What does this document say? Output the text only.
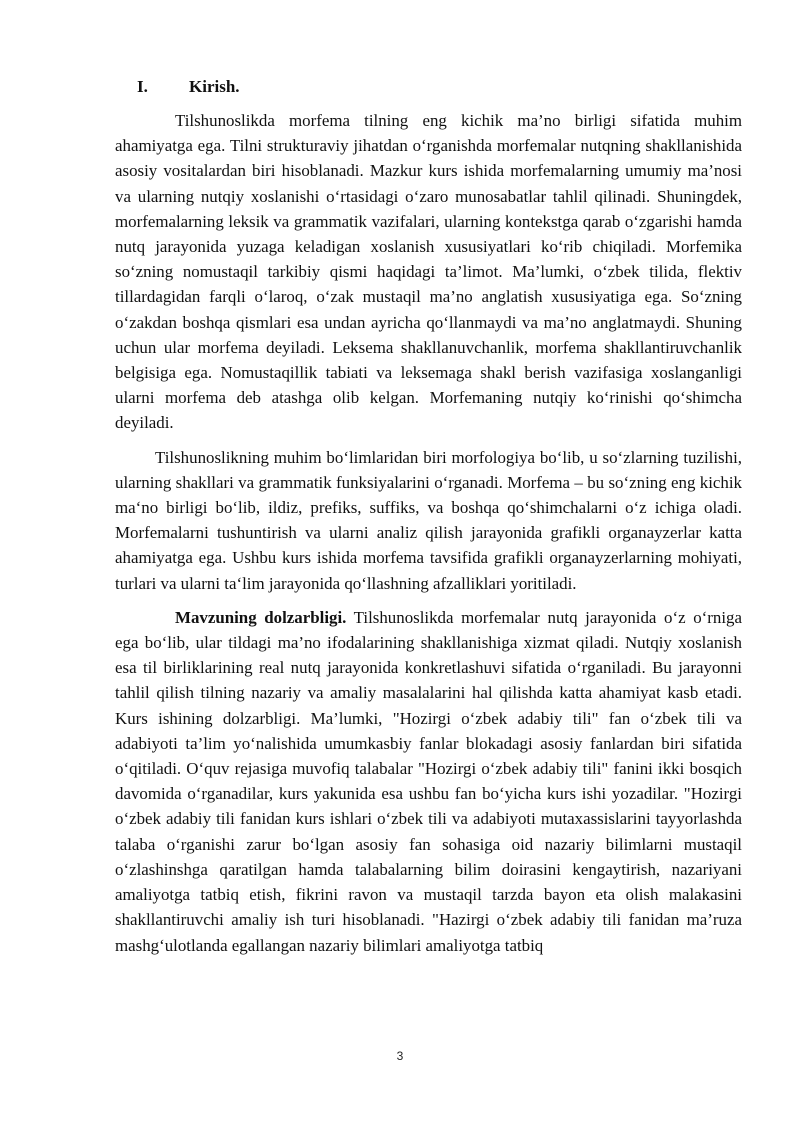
I.	Kirish.

Tilshunoslikda morfema tilning eng kichik ma’no birligi sifatida muhim ahamiyatga ega. Tilni strukturaviy jihatdan o‘rganishda morfemalar nutqning shakllanishida asosiy vositalardan biri hisoblanadi. Mazkur kurs ishida morfemalarning umumiy ma’nosi va ularning nutqiy xoslanishi o‘rtasidagi o‘zaro munosabatlar tahlil qilinadi. Shuningdek, morfemalarning leksik va grammatik vazifalari, ularning kontekstga qarab o‘zgarishi hamda nutq jarayonida yuzaga keladigan xoslanish xususiyatlari ko‘rib chiqiladi. Morfemika so‘zning nomustaqil tarkibiy qismi haqidagi ta’limot. Ma’lumki, o‘zbek tilida, flektiv tillardagidan farqli o‘laroq, o‘zak mustaqil ma’no anglatish xususiyatiga ega. So‘zning o‘zakdan boshqa qismlari esa undan ayricha qo‘llanmaydi va ma’no anglatmaydi. Shuning uchun ular morfema deyiladi. Leksema shakllanuvchanlik, morfema shakllantiruvchanlik belgisiga ega. Nomustaqillik tabiati va leksemaga shakl berish vazifasiga xoslanganligi ularni morfema deb atashga olib kelgan. Morfemaning nutqiy ko‘rinishi qo‘shimcha deyiladi.

Tilshunoslikning muhim bo‘limlaridan biri morfologiya bo‘lib, u so‘zlarning tuzilishi, ularning shakllari va grammatik funksiyalarini o‘rganadi. Morfema – bu so‘zning eng kichik ma‘no birligi bo‘lib, ildiz, prefiks, suffiks, va boshqa qo‘shimchalarni o‘z ichiga oladi. Morfemalarni tushuntirish va ularni analiz qilish jarayonida grafikli organayzerlar katta ahamiyatga ega. Ushbu kurs ishida morfema tavsifida grafikli organayzerlarning mohiyati, turlari va ularni ta‘lim jarayonida qo‘llashning afzalliklari yoritiladi.

Mavzuning dolzarbligi. Tilshunoslikda morfemalar nutq jarayonida o‘z o‘rniga ega bo‘lib, ular tildagi ma’no ifodalarining shakllanishiga xizmat qiladi. Nutqiy xoslanish esa til birliklarining real nutq jarayonida konkretlashuvi sifatida o‘rganiladi. Bu jarayonni tahlil qilish tilning nazariy va amaliy masalalarini hal qilishda katta ahamiyat kasb etadi. Kurs ishining dolzarbligi. Ma’lumki, "Hozirgi o‘zbek adabiy tili" fan o‘zbek tili va adabiyoti ta’lim yo‘nalishida umumkasbiy fanlar blokadagi asosiy fanlardan biri sifatida o‘qitiladi. O‘quv rejasiga muvofiq talabalar "Hozirgi o‘zbek adabiy tili" fanini ikki bosqich davomida o‘rganadilar, kurs yakunida esa ushbu fan bo‘yicha kurs ishi yozadilar. "Hozirgi o‘zbek adabiy tili fanidan kurs ishlari o‘zbek tili va adabiyoti mutaxassislarini tayyorlashda talaba o‘rganishi zarur bo‘lgan asosiy fan sohasiga oid nazariy bilimlarni mustaqil o‘zlashinshga qaratilgan hamda talabalarning bilim doirasini kengaytirish, nazariyani amaliyotga tatbiq etish, fikrini ravon va mustaqil tarzda bayon eta olish malakasini shakllantiruvchi amaliy ish turi hisoblanadi. "Hazirgi o‘zbek adabiy tili fanidan ma’ruza mashg‘ulotlanda egallangan nazariy bilimlari amaliyotga tatbiq

3
